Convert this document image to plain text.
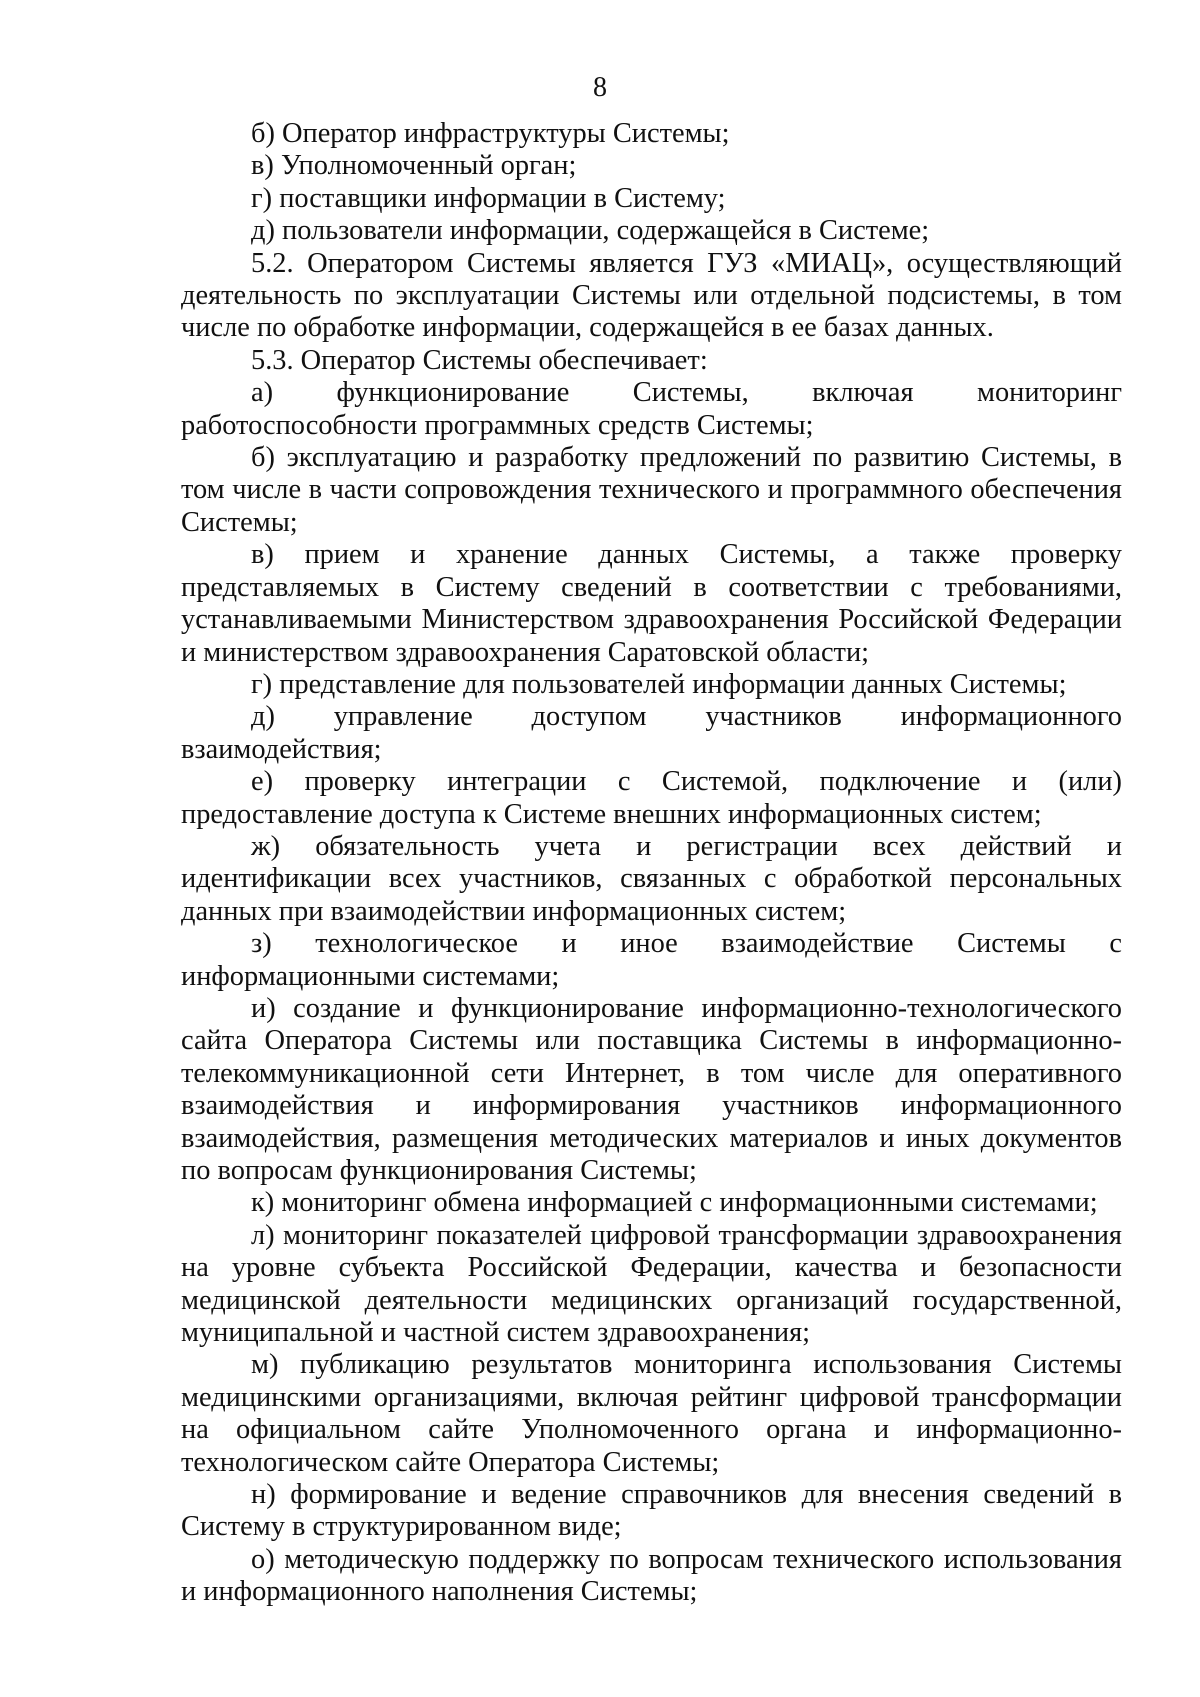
8

б) Оператор инфраструктуры Системы;

в) Уполномоченный орган;

г) поставщики информации в Систему;

д) пользователи информации, содержащейся в Системе;

5.2. Оператором Системы является ГУЗ «МИАЦ», осуществляющий деятельность по эксплуатации Системы или отдельной подсистемы, в том числе по обработке информации, содержащейся в ее базах данных.

5.3. Оператор Системы обеспечивает:

а) функционирование Системы, включая мониторинг работоспособности программных средств Системы;

б) эксплуатацию и разработку предложений по развитию Системы, в том числе в части сопровождения технического и программного обеспечения Системы;

в) прием и хранение данных Системы, а также проверку представляемых в Систему сведений в соответствии с требованиями, устанавливаемыми Министерством здравоохранения Российской Федерации и министерством здравоохранения Саратовской области;

г) представление для пользователей информации данных Системы;

д) управление доступом участников информационного взаимодействия;

е) проверку интеграции с Системой, подключение и (или) предоставление доступа к Системе внешних информационных систем;

ж) обязательность учета и регистрации всех действий и идентификации всех участников, связанных с обработкой персональных данных при взаимодействии информационных систем;

з) технологическое и иное взаимодействие Системы с информационными системами;

и) создание и функционирование информационно-технологического сайта Оператора Системы или поставщика Системы в информационно-телекоммуникационной сети Интернет, в том числе для оперативного взаимодействия и информирования участников информационного взаимодействия, размещения методических материалов и иных документов по вопросам функционирования Системы;

к) мониторинг обмена информацией с информационными системами;

л) мониторинг показателей цифровой трансформации здравоохранения на уровне субъекта Российской Федерации, качества и безопасности медицинской деятельности медицинских организаций государственной, муниципальной и частной систем здравоохранения;

м) публикацию результатов мониторинга использования Системы медицинскими организациями, включая рейтинг цифровой трансформации на официальном сайте Уполномоченного органа и информационно-технологическом сайте Оператора Системы;

н) формирование и ведение справочников для внесения сведений в Систему в структурированном виде;

о) методическую поддержку по вопросам технического использования и информационного наполнения Системы;
